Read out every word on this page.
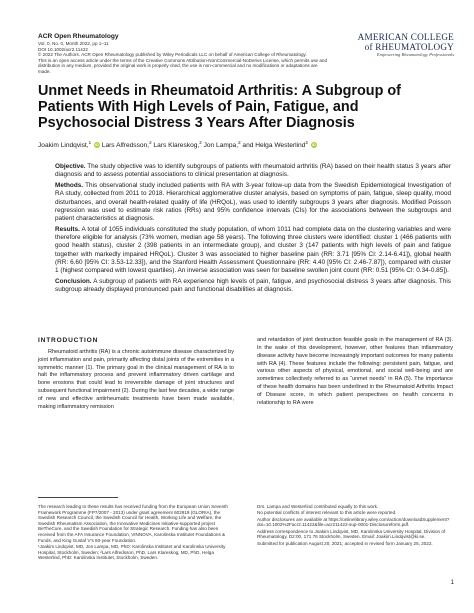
ACR Open Rheumatology
Vol. 0, No. 0, Month 2022, pp 1–11
DOI 10.1002/acr2.11422
© 2022 The Authors. ACR Open Rheumatology published by Wiley Periodicals LLC on behalf of American College of Rheumatology.
This is an open access article under the terms of the Creative Commons Attribution-NonCommercial-NoDerivs License, which permits use and distribution in any medium, provided the original work is properly cited, the use is non-commercial and no modifications or adaptations are made.
AMERICAN COLLEGE
of RHEUMATOLOGY
Empowering Rheumatology Professionals
Unmet Needs in Rheumatoid Arthritis: A Subgroup of Patients With High Levels of Pain, Fatigue, and Psychosocial Distress 3 Years After Diagnosis
Joakim Lindqvist,$^1$ iD Lars Alfredsson,$^2$ Lars Klareskog,$^2$ Jon Lampa,$^2$ and Helga Westerlind$^2$ iD

Objective. The study objective was to identify subgroups of patients with rheumatoid arthritis (RA) based on their health status 3 years after diagnosis and to assess potential associations to clinical presentation at diagnosis.

Methods. This observational study included patients with RA with 3-year follow-up data from the Swedish Epidemiological Investigation of RA study, collected from 2011 to 2018. Hierarchical agglomerative cluster analysis, based on symptoms of pain, fatigue, sleep quality, mood disturbances, and overall health-related quality of life (HRQoL), was used to identify subgroups 3 years after diagnosis. Modified Poisson regression was used to estimate risk ratios (RRs) and 95% confidence intervals (CIs) for the associations between the subgroups and patient characteristics at diagnosis.

Results. A total of 1055 individuals constituted the study population, of whom 1011 had complete data on the clustering variables and were therefore eligible for analysis (73% women, median age 58 years). The following three clusters were identified: cluster 1 (466 patients with good health status), cluster 2 (398 patients in an intermediate group), and cluster 3 (147 patients with high levels of pain and fatigue together with markedly impaired HRQoL). Cluster 3 was associated to higher baseline pain (RR: 3.71 [95% CI: 2.14-6.41]), global health (RR: 6.60 [95% CI: 3.53-12.33]), and the Stanford Health Assessment Questionnaire (RR: 4.40 [95% CI: 2.46-7.87]), compared with cluster 1 (highest compared with lowest quartiles). An inverse association was seen for baseline swollen joint count (RR: 0.51 [95% CI: 0.34-0.85]).

Conclusion. A subgroup of patients with RA experience high levels of pain, fatigue, and psychosocial distress 3 years after diagnosis. This subgroup already displayed pronounced pain and functional disabilities at diagnosis.

INTRODUCTION

Rheumatoid arthritis (RA) is a chronic autoimmune disease characterized by joint inflammation and pain, primarily affecting distal joints of the extremities in a symmetric manner (1). The primary goal in the clinical management of RA is to halt the inflammatory process and prevent inflammatory driven cartilage and bone erosions that could lead to irreversible damage of joint structures and subsequent functional impairment (2). During the last few decades, a wide range of new and effective antirheumatic treatments have been made available, making inflammatory remission

and retardation of joint destruction feasible goals in the management of RA (3). In the wake of this development, however, other features than inflammatory disease activity have become increasingly important outcomes for many patients with RA (4). These features include the following: persistent pain, fatigue, and various other aspects of physical, emotional, and social well-being and are sometimes collectively referred to as “unmet needs” in RA (5). The importance of these health domains has been underlined in the Rheumatoid Arthritis Impact of Disease score, in which patient perspectives on health concerns in relationship to RA were

The research leading to these results has received funding from the European Union Seventh Framework Programme (FP7/2007 - 2013) under grant agreement 602919 (GLORIA), the Swedish Research Council, the Swedish Council for Health, Working Life and Welfare, the Swedish Rheumatism Association, the Innovative Medicines Initiative-supported project BeTheCure, and the Swedish Foundation for Strategic Research. Funding has also been received from the AFA Insurance Foundation, VINNOVA, Karolinska Institutet Foundations & Funds, and King Gustaf V's 80-year Foundation.

¹Joakim Lindqvist, MD, Jon Lampa, MD, PhD: Karolinska Institutet and Karolinska University Hospital, Stockholm, Sweden; ²Lars Alfredsson, PhD, Lars Klareskog, MD, PhD, Helga Westerlind, PhD: Karolinska Institutet, Stockholm, Sweden.

Drs. Lampa and Westerlind contributed equally to this work.

No potential conflicts of interest relevant to this article were reported.

Author disclosures are available at https://onlinelibrary.wiley.com/action/downloadSupplement?doi=10.1002%2Facr2.11422&file=acr211422-sup-0001-Disclosureform.pdf.

Address correspondence to Joakim Lindqvist, MD, Karolinska University Hospital, Division of Rheumatology, D2:00, 171 76 Stockholm, Sweden. Email: Joakim.Lindqvist@ki.se.

Submitted for publication August 20, 2021; accepted in revised form January 25, 2022.

1
